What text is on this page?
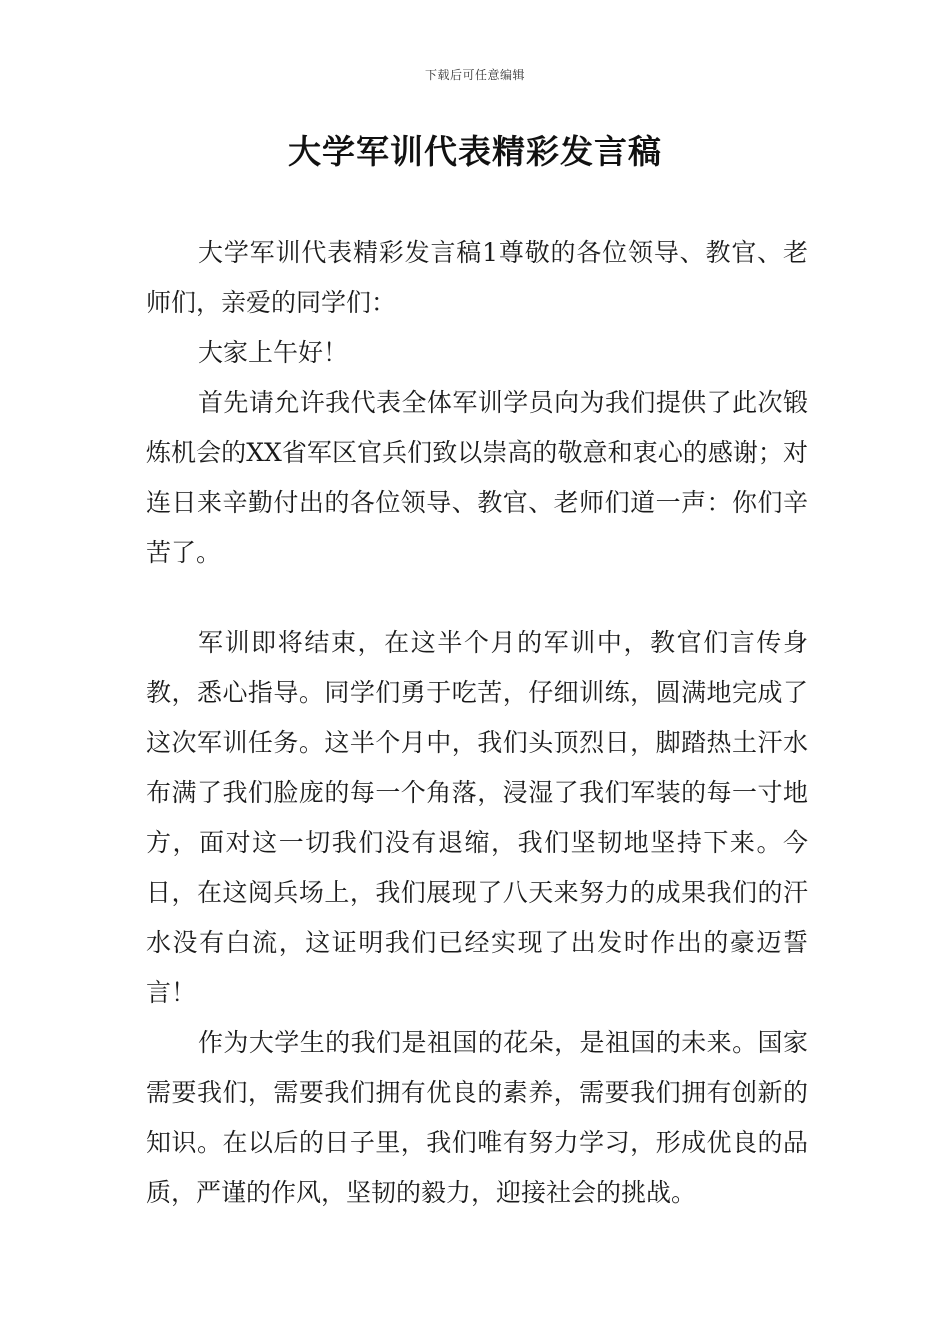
下载后可任意编辑
大学军训代表精彩发言稿

大学军训代表精彩发言稿1尊敬的各位领导、教官、老师们，亲爱的同学们：

大家上午好！

首先请允许我代表全体军训学员向为我们提供了此次锻炼机会的XX省军区官兵们致以崇高的敬意和衷心的感谢；对连日来辛勤付出的各位领导、教官、老师们道一声：你们辛苦了。

军训即将结束，在这半个月的军训中，教官们言传身教，悉心指导。同学们勇于吃苦，仔细训练，圆满地完成了这次军训任务。这半个月中，我们头顶烈日，脚踏热土汗水布满了我们脸庞的每一个角落，浸湿了我们军装的每一寸地方，面对这一切我们没有退缩，我们坚韧地坚持下来。今日，在这阅兵场上，我们展现了八天来努力的成果我们的汗水没有白流，这证明我们已经实现了出发时作出的豪迈誓言！

作为大学生的我们是祖国的花朵，是祖国的未来。国家需要我们，需要我们拥有优良的素养，需要我们拥有创新的知识。在以后的日子里，我们唯有努力学习，形成优良的品质，严谨的作风，坚韧的毅力，迎接社会的挑战。
